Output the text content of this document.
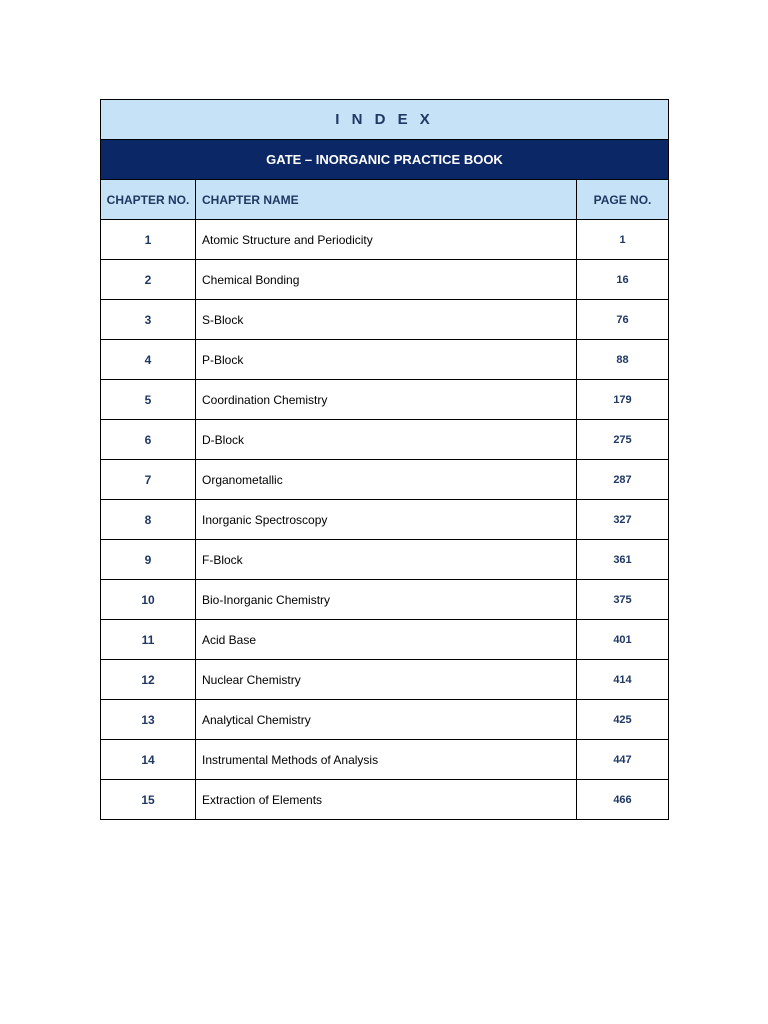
I N D E X		
GATE – INORGANIC PRACTICE BOOK		
CHAPTER NO.	CHAPTER NAME	PAGE NO.
1	Atomic Structure and Periodicity	1
2	Chemical Bonding	16
3	S-Block	76
4	P-Block	88
5	Coordination Chemistry	179
6	D-Block	275
7	Organometallic	287
8	Inorganic Spectroscopy	327
9	F-Block	361
10	Bio-Inorganic Chemistry	375
11	Acid Base	401
12	Nuclear Chemistry	414
13	Analytical Chemistry	425
14	Instrumental Methods of Analysis	447
15	Extraction of Elements	466
